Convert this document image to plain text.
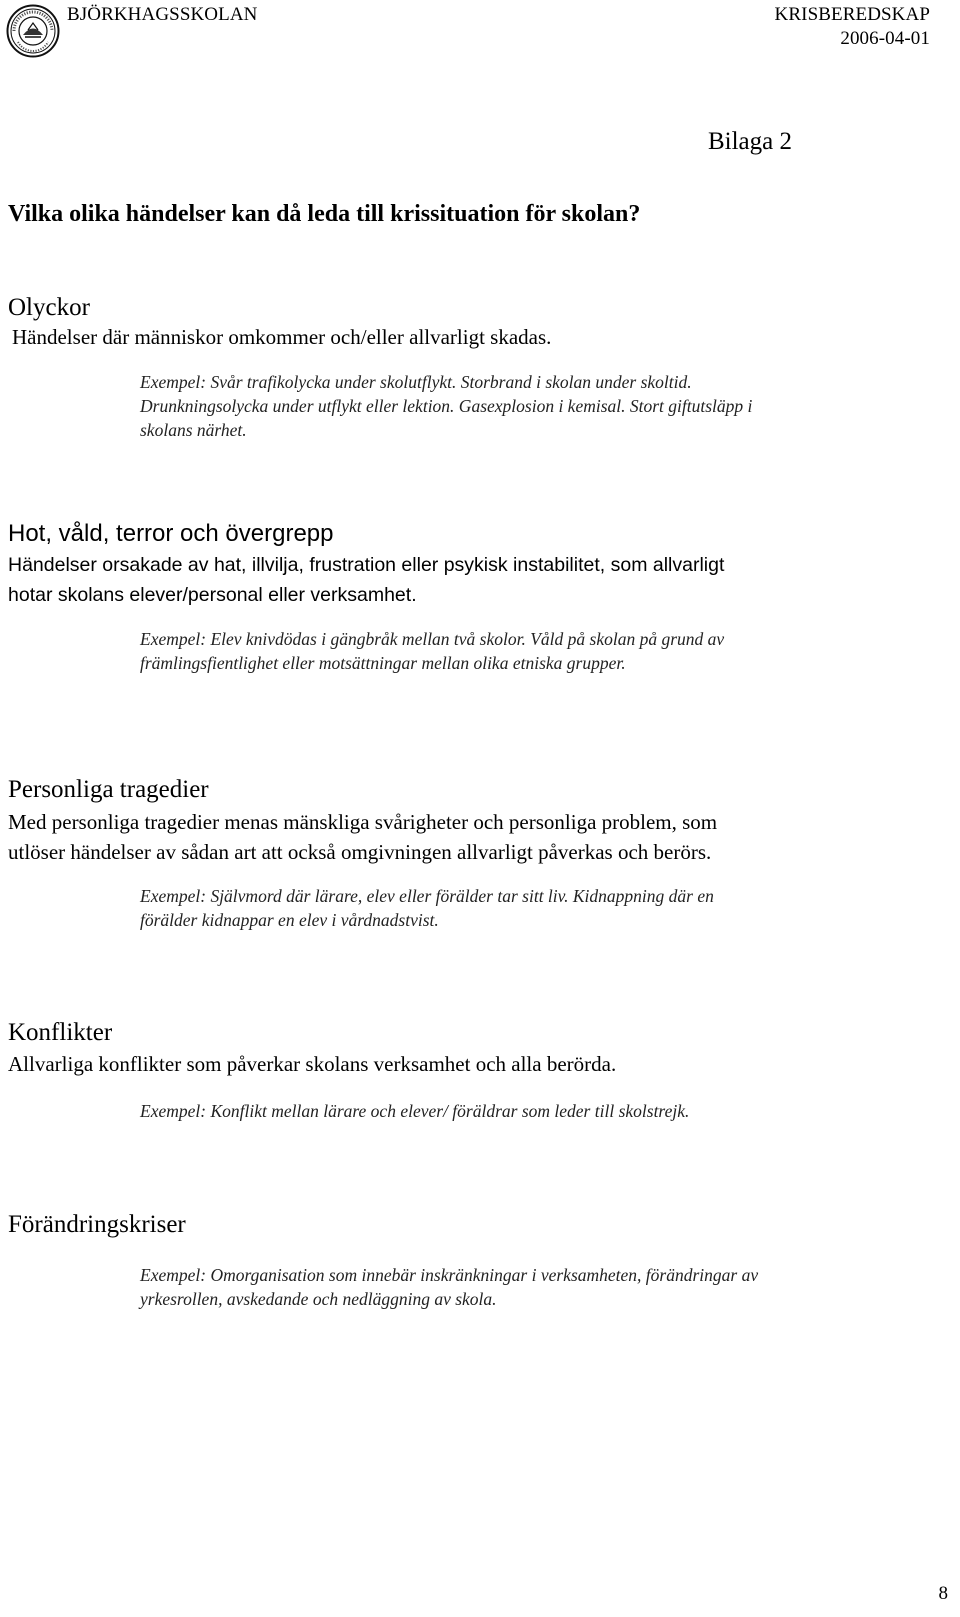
BJÖRKHAGSSKOLAN	KRISBEREDSKAP
2006-04-01
Bilaga 2
Vilka olika händelser kan då leda till krissituation för skolan?
Olyckor
Händelser där människor omkommer och/eller allvarligt skadas.
Exempel: Svår trafikolycka under skolutflykt. Storbrand i skolan under skoltid.
Drunkningsolycka under utflykt eller lektion. Gasexplosion i kemisal. Stort giftutsläpp i
skolans närhet.
Hot, våld, terror och övergrepp
Händelser orsakade av hat, illvilja, frustration eller psykisk instabilitet, som allvarligt
hotar skolans elever/personal eller verksamhet.
Exempel: Elev knivdödas i gängbråk mellan två skolor. Våld på skolan på grund av
främlingsfientlighet eller motsättningar mellan olika etniska grupper.
Personliga tragedier
Med personliga tragedier menas mänskliga svårigheter och personliga problem, som
utlöser händelser av sådan art att också omgivningen allvarligt påverkas och berörs.
Exempel: Självmord där lärare, elev eller förälder tar sitt liv. Kidnappning där en
förälder kidnappar en elev i vårdnadstvist.
Konflikter
Allvarliga konflikter som påverkar skolans verksamhet och alla berörda.
Exempel: Konflikt mellan lärare och elever/ föräldrar som leder till skolstrejk.
Förändringskriser
Exempel: Omorganisation som innebär inskränkningar i verksamheten, förändringar av
yrkesrollen, avskedande och nedläggning av skola.
8
